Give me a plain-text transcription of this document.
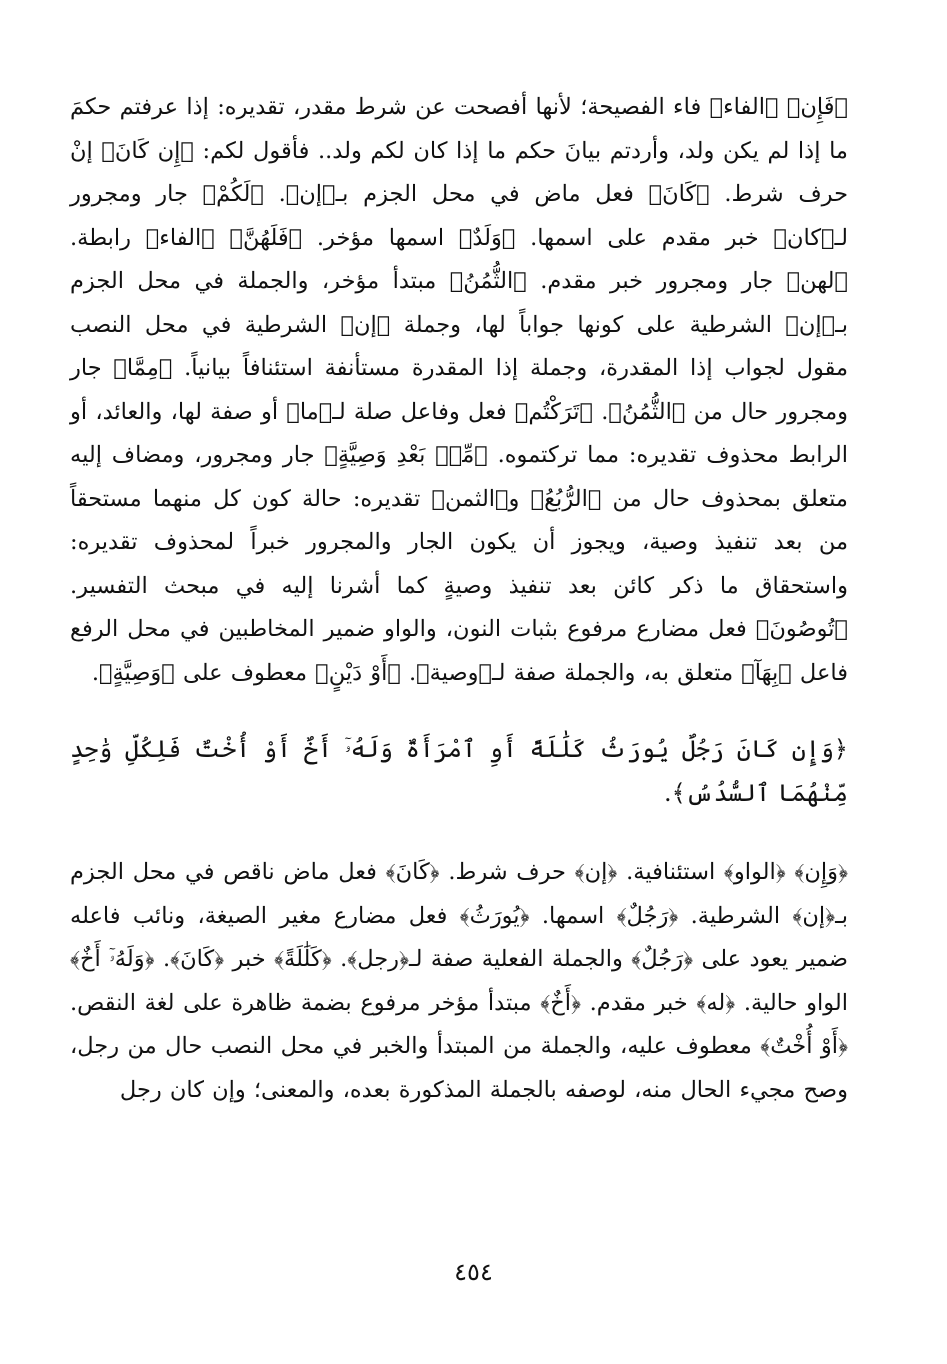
﴿فَإِن﴾ ﴿الفاء﴾ فاء الفصيحة؛ لأنها أفصحت عن شرط مقدر، تقديره: إذا عرفتم حكمَ ما إذا لم يكن ولد، وأردتم بيانَ حكم ما إذا كان لكم ولد.. فأقول لكم: ﴿إِن كَانَ﴾ إنْ حرف شرط. ﴿كَانَ﴾ فعل ماض في محل الجزم بـ﴿إن﴾. ﴿لَكُمْ﴾ جار ومجرور لـ﴿كان﴾ خبر مقدم على اسمها. ﴿وَلَدٌ﴾ اسمها مؤخر. ﴿فَلَهُنَّ﴾ ﴿الفاء﴾ رابطة. ﴿لهن﴾ جار ومجرور خبر مقدم. ﴿الثُّمُنُ﴾ مبتدأ مؤخر، والجملة في محل الجزم بـ﴿إن﴾ الشرطية على كونها جواباً لها، وجملة ﴿إن﴾ الشرطية في محل النصب مقول لجواب إذا المقدرة، وجملة إذا المقدرة مستأنفة استئنافاً بيانياً. ﴿مِمَّا﴾ جار ومجرور حال من ﴿الثُّمُنُ﴾. ﴿تَرَكْتُم﴾ فعل وفاعل صلة لـ﴿ما﴾ أو صفة لها، والعائد، أو الرابط محذوف تقديره: مما تركتموه. ﴿مِّنۢ بَعْدِ وَصِيَّةٍ﴾ جار ومجرور، ومضاف إليه متعلق بمحذوف حال من ﴿الرُّبُعُ﴾ و﴿الثمن﴾ تقديره: حالة كون كل منهما مستحقاً من بعد تنفيذ وصية، ويجوز أن يكون الجار والمجرور خبراً لمحذوف تقديره: واستحقاق ما ذكر كائن بعد تنفيذ وصيةٍ كما أشرنا إليه في مبحث التفسير. ﴿تُوصُونَ﴾ فعل مضارع مرفوع بثبات النون، والواو ضمير المخاطبين في محل الرفع فاعل ﴿بِهَآ﴾ متعلق به، والجملة صفة لـ﴿وصية﴾. ﴿أَوْ دَيْنٍ﴾ معطوف على ﴿وَصِيَّةٍ﴾.

﴿وَإِن كَانَ رَجُلٌ يُورَثُ كَلَٰلَةً أَوِ ٱمْرَأَةٌ وَلَهُۥٓ أَخٌ أَوْ أُخْتٌ فَلِكُلِّ وَٰحِدٍ مِّنْهُمَا ٱلسُّدُسُ﴾.

﴿وَإِن﴾ ﴿الواو﴾ استئنافية. ﴿إن﴾ حرف شرط. ﴿كَانَ﴾ فعل ماض ناقص في محل الجزم بـ﴿إن﴾ الشرطية. ﴿رَجُلٌ﴾ اسمها. ﴿يُورَثُ﴾ فعل مضارع مغير الصيغة، ونائب فاعله ضمير يعود على ﴿رَجُلٌ﴾ والجملة الفعلية صفة لـ﴿رجل﴾. ﴿كَلَٰلَةً﴾ خبر ﴿كَانَ﴾. ﴿وَلَهُۥٓ أَخٌ﴾ الواو حالية. ﴿له﴾ خبر مقدم. ﴿أَخٌ﴾ مبتدأ مؤخر مرفوع بضمة ظاهرة على لغة النقص. ﴿أَوْ أُخْتٌ﴾ معطوف عليه، والجملة من المبتدأ والخبر في محل النصب حال من رجل، وصح مجيء الحال منه، لوصفه بالجملة المذكورة بعده، والمعنى؛ وإن كان رجل

٤٥٤
